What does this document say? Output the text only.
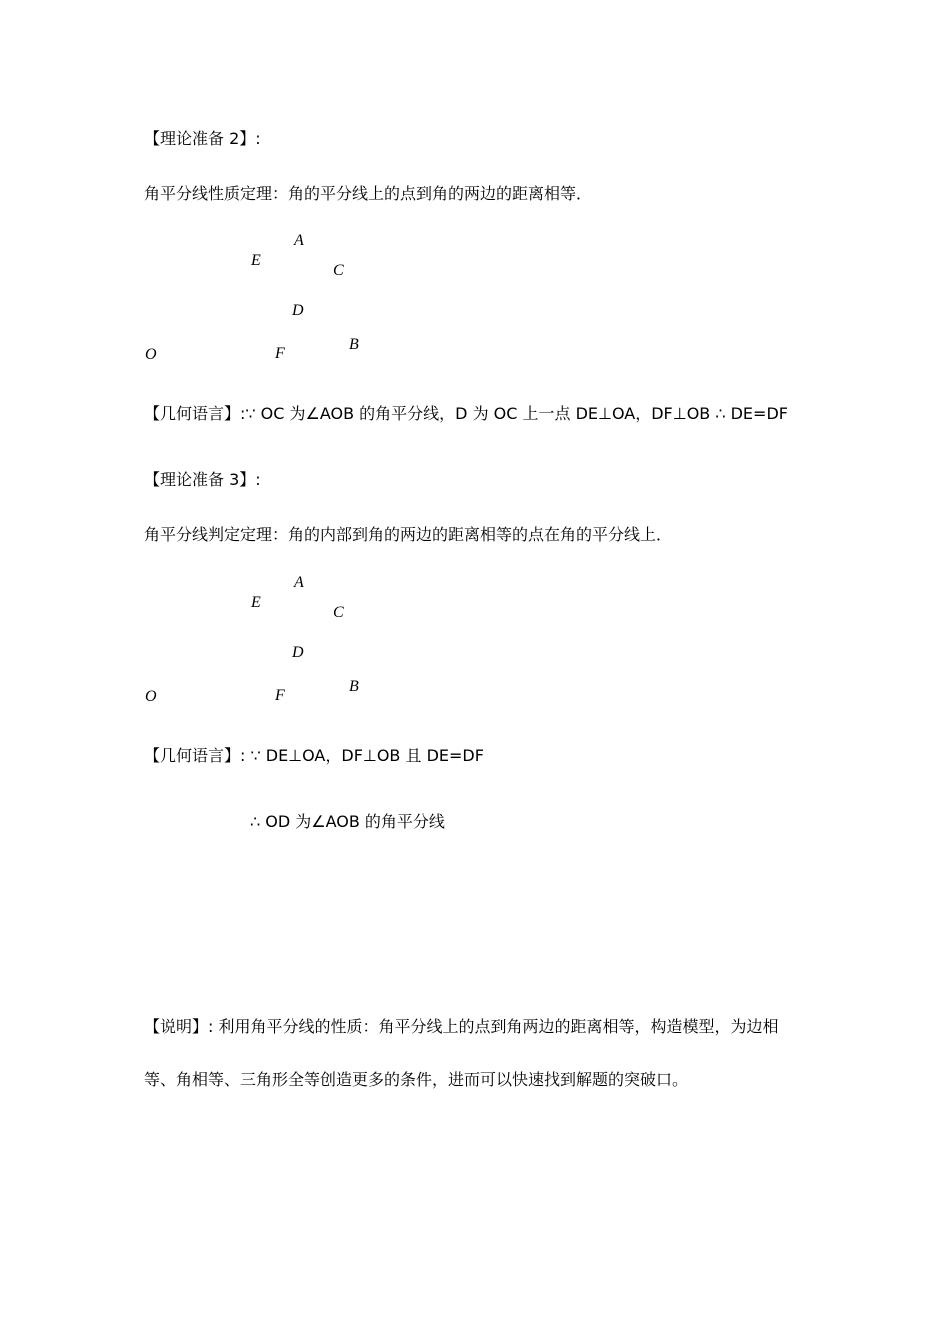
【理论准备 2】:
角平分线性质定理：角的平分线上的点到角的两边的距离相等．
A
E
C
D
O	F
B
【几何语言】:∵ OC 为∠AOB 的角平分线，D 为 OC 上一点 DE⊥OA，DF⊥OB ∴ DE=DF
【理论准备 3】:
角平分线判定定理：角的内部到角的两边的距离相等的点在角的平分线上．
A
E
C
D
O	F
B
【几何语言】: ∵ DE⊥OA，DF⊥OB 且 DE=DF
∴ OD 为∠AOB 的角平分线
【说明】: 利用角平分线的性质：角平分线上的点到角两边的距离相等，构造模型，为边相
等、角相等、三角形全等创造更多的条件，进而可以快速找到解题的突破口。
